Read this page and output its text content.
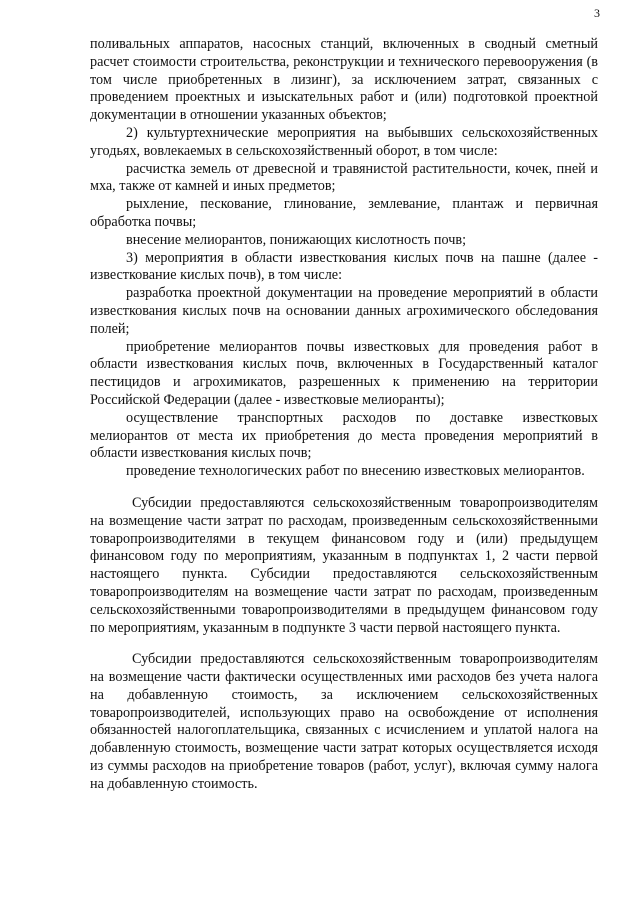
3

поливальных аппаратов, насосных станций, включенных в сводный сметный расчет стоимости строительства, реконструкции и технического перевооружения (в том числе приобретенных в лизинг), за исключением затрат, связанных с проведением проектных и изыскательных работ и (или) подготовкой проектной документации в отношении указанных объектов;

2) культуртехнические мероприятия на выбывших сельскохозяйственных угодьях, вовлекаемых в сельскохозяйственный оборот, в том числе:

расчистка земель от древесной и травянистой растительности, кочек, пней и мха, также от камней и иных предметов;

рыхление, пескование, глинование, землевание, плантаж и первичная обработка почвы;

внесение мелиорантов, понижающих кислотность почв;

3) мероприятия в области известкования кислых почв на пашне (далее - известкование кислых почв), в том числе:

разработка проектной документации на проведение мероприятий в области известкования кислых почв на основании данных агрохимического обследования полей;

приобретение мелиорантов почвы известковых для проведения работ в области известкования кислых почв, включенных в Государственный каталог пестицидов и агрохимикатов, разрешенных к применению на территории Российской Федерации (далее - известковые мелиоранты);

осуществление транспортных расходов по доставке известковых мелиорантов от места их приобретения до места проведения мероприятий в области известкования кислых почв;

проведение технологических работ по внесению известковых мелиорантов.

Субсидии предоставляются сельскохозяйственным товаропроизводителям на возмещение части затрат по расходам, произведенным сельскохозяйственными товаропроизводителями в текущем финансовом году и (или) предыдущем финансовом году по мероприятиям, указанным в подпунктах 1, 2 части первой настоящего пункта. Субсидии предоставляются сельскохозяйственным товаропроизводителям на возмещение части затрат по расходам, произведенным сельскохозяйственными товаропроизводителями в предыдущем финансовом году по мероприятиям, указанным в подпункте 3 части первой настоящего пункта.

Субсидии предоставляются сельскохозяйственным товаропроизводителям на возмещение части фактически осуществленных ими расходов без учета налога на добавленную стоимость, за исключением сельскохозяйственных товаропроизводителей, использующих право на освобождение от исполнения обязанностей налогоплательщика, связанных с исчислением и уплатой налога на добавленную стоимость, возмещение части затрат которых осуществляется исходя из суммы расходов на приобретение товаров (работ, услуг), включая сумму налога на добавленную стоимость.
